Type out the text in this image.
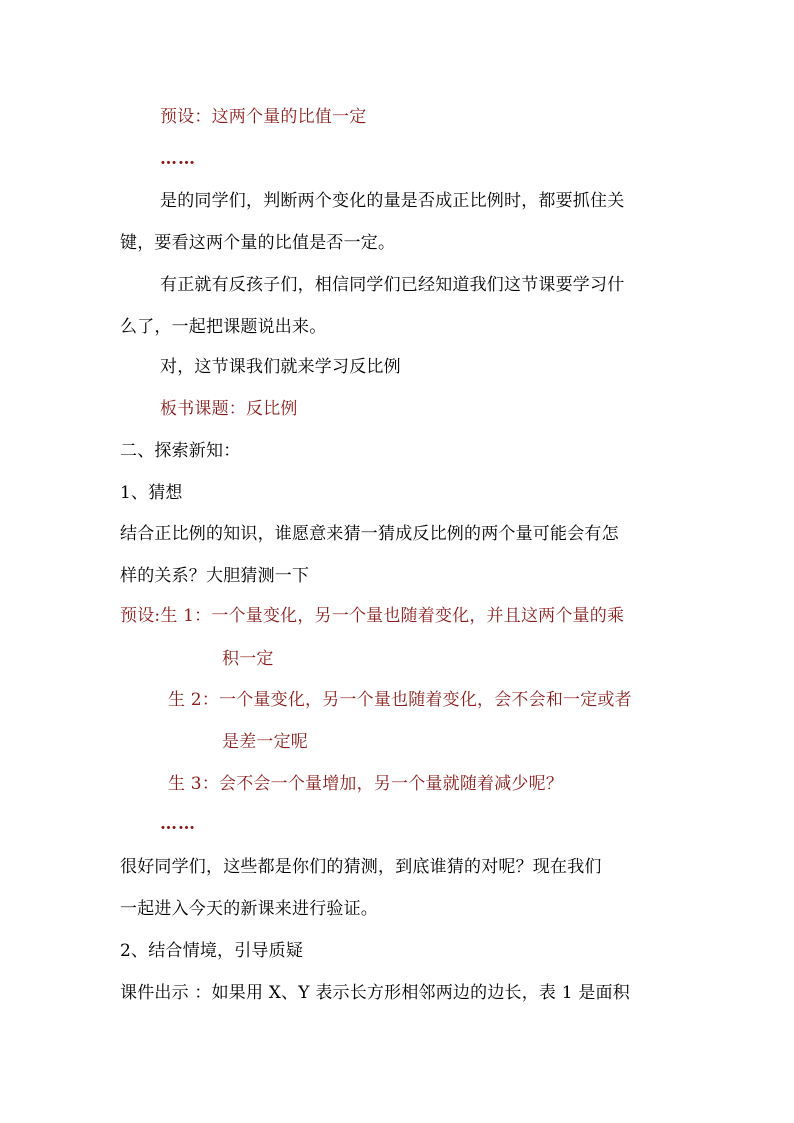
预设：这两个量的比值一定
……
是的同学们，判断两个变化的量是否成正比例时，都要抓住关
键，要看这两个量的比值是否一定。
有正就有反孩子们，相信同学们已经知道我们这节课要学习什
么了，一起把课题说出来。
对，这节课我们就来学习反比例
板书课题：反比例
二、探索新知：
1、猜想
结合正比例的知识，谁愿意来猜一猜成反比例的两个量可能会有怎
样的关系？大胆猜测一下
预设:生 1：一个量变化，另一个量也随着变化，并且这两个量的乘
积一定
生 2：一个量变化，另一个量也随着变化，会不会和一定或者
是差一定呢
生 3：会不会一个量增加，另一个量就随着减少呢？
……
很好同学们，这些都是你们的猜测，到底谁猜的对呢？现在我们
一起进入今天的新课来进行验证。
2、结合情境，引导质疑
课件出示 ：如果用 X、Y 表示长方形相邻两边的边长，表 1 是面积
